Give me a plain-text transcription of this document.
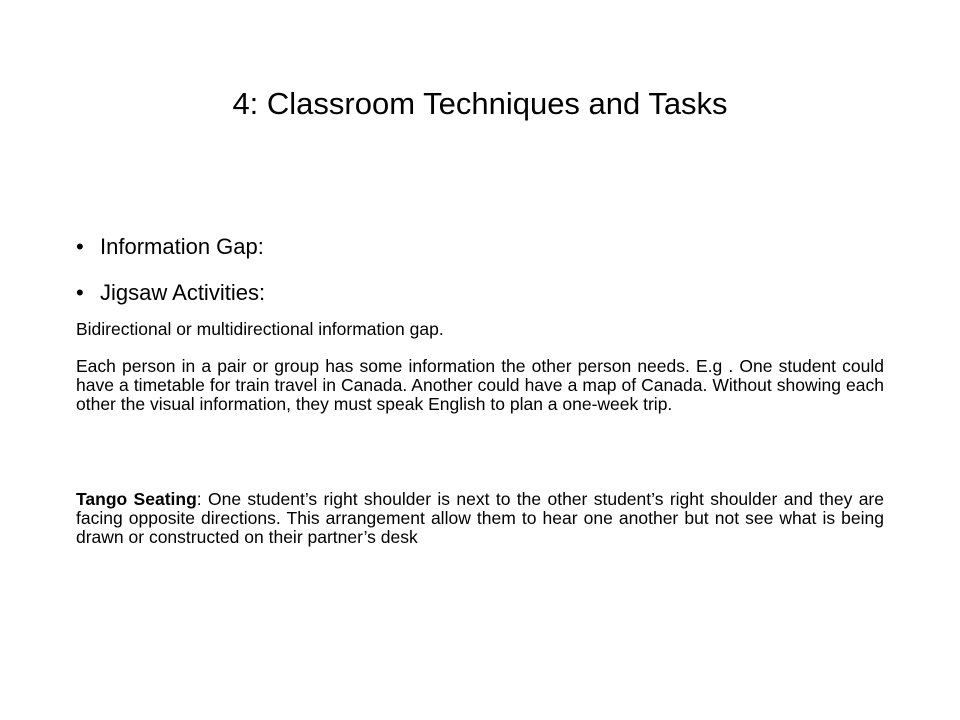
4: Classroom Techniques and Tasks
• Information Gap:
• Jigsaw Activities:

Bidirectional or multidirectional information gap.

Each person in a pair or group has some information the other person needs. E.g . One student could have a timetable for train travel in Canada. Another could have a map of Canada. Without showing each other the visual information, they must speak English to plan a one-week trip.

Tango Seating: One student’s right shoulder is next to the other student’s right shoulder and they are facing opposite directions. This arrangement allow them to hear one another but not see what is being drawn or constructed on their partner’s desk
